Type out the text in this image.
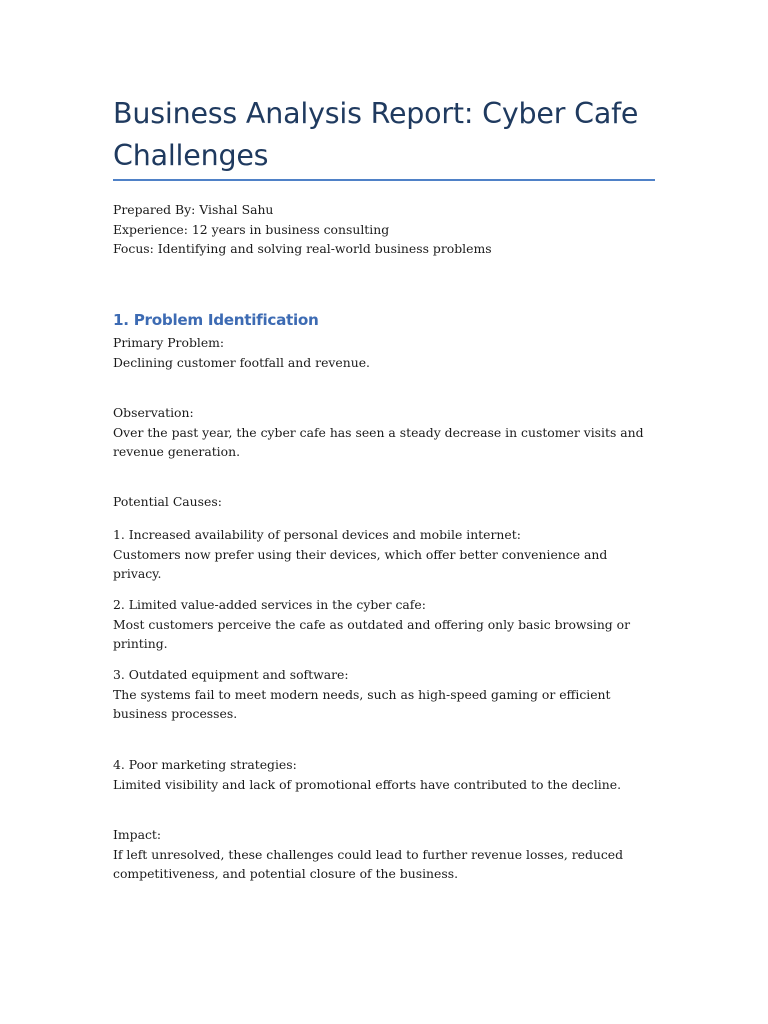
Business Analysis Report: Cyber Cafe Challenges
Prepared By: Vishal Sahu
Experience: 12 years in business consulting
Focus: Identifying and solving real-world business problems
1. Problem Identification
Primary Problem:
Declining customer footfall and revenue.
Observation:
Over the past year, the cyber cafe has seen a steady decrease in customer visits and revenue generation.
Potential Causes:
1. Increased availability of personal devices and mobile internet:
Customers now prefer using their devices, which offer better convenience and privacy.
2. Limited value-added services in the cyber cafe:
Most customers perceive the cafe as outdated and offering only basic browsing or printing.
3. Outdated equipment and software:
The systems fail to meet modern needs, such as high-speed gaming or efficient business processes.
4. Poor marketing strategies:
Limited visibility and lack of promotional efforts have contributed to the decline.
Impact:
If left unresolved, these challenges could lead to further revenue losses, reduced competitiveness, and potential closure of the business.
